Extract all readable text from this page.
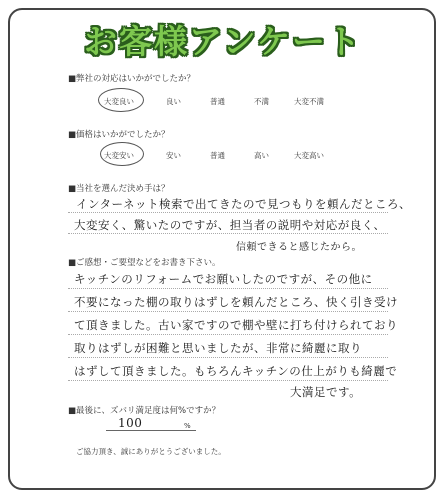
お客様アンケート
■弊社の対応はいかがでしたか？
大変良い	良い	普通	不満	大変不満
■価格はいかがでしたか？
大変安い	安い	普通	高い	大変高い
■当社を選んだ決め手は？
インターネット検索で出てきたので見つもりを頼んだところ、
大変安く、驚いたのですが、担当者の説明や対応が良く、
信頼できると感じたから。
■ご感想・ご要望などをお書き下さい。
キッチンのリフォームでお願いしたのですが、その他に
不要になった棚の取りはずしを頼んだところ、快く引き受け
て頂きました。古い家ですので棚や壁に打ち付けられており
取りはずしが困難と思いましたが、非常に綺麗に取り
はずして頂きました。もちろんキッチンの仕上がりも綺麗で
大満足です。
■最後に、ズバリ満足度は何%ですか？
100	%
ご協力頂き、誠にありがとうございました。
